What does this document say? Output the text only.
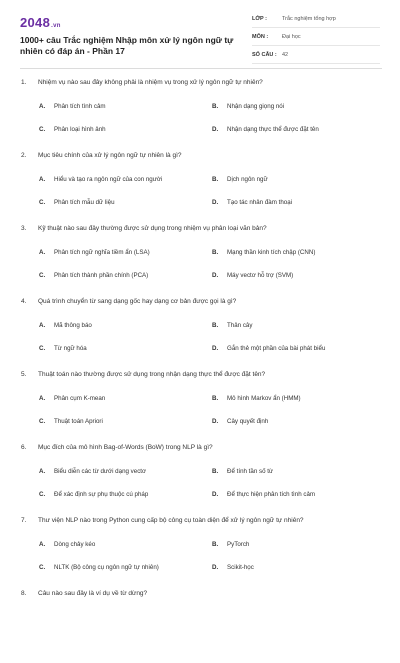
2048.vn
1000+ câu Trắc nghiệm Nhập môn xử lý ngôn ngữ tự nhiên có đáp án - Phần 17
LỚP :	Trắc nghiệm tổng hợp
MÔN :	Đại học
SỐ CÂU : 42
1. Nhiệm vụ nào sau đây không phải là nhiệm vụ trong xử lý ngôn ngữ tự nhiên?
A. Phân tích tình cảm	B. Nhận dạng giọng nói
C. Phân loại hình ảnh	D. Nhận dạng thực thể được đặt tên
2. Mục tiêu chính của xử lý ngôn ngữ tự nhiên là gì?
A. Hiểu và tạo ra ngôn ngữ của con người	B. Dịch ngôn ngữ
C. Phân tích mẫu dữ liệu	D. Tạo tác nhân đàm thoại
3. Kỹ thuật nào sau đây thường được sử dụng trong nhiệm vụ phân loại văn bản?
A. Phân tích ngữ nghĩa tiềm ẩn (LSA)	B. Mạng thần kinh tích chập (CNN)
C. Phân tích thành phần chính (PCA)	D. Máy vectơ hỗ trợ (SVM)
4. Quá trình chuyển từ sang dạng gốc hay dạng cơ bản được gọi là gì?
A. Mã thông báo	B. Thân cây
C. Từ ngữ hóa	D. Gắn thẻ một phần của bài phát biểu
5. Thuật toán nào thường được sử dụng trong nhận dạng thực thể được đặt tên?
A. Phân cụm K-mean	B. Mô hình Markov ẩn (HMM)
C. Thuật toán Apriori	D. Cây quyết định
6. Mục đích của mô hình Bag-of-Words (BoW) trong NLP là gì?
A. Biểu diễn các từ dưới dạng vectơ	B. Để tính tần số từ
C. Để xác định sự phụ thuộc cú pháp	D. Để thực hiện phân tích tình cảm
7. Thư viện NLP nào trong Python cung cấp bộ công cụ toàn diện để xử lý ngôn ngữ tự nhiên?
A. Dòng chảy kéo	B. PyTorch
C. NLTK (Bộ công cụ ngôn ngữ tự nhiên)	D. Scikit-học
8. Câu nào sau đây là ví dụ về từ dừng?
